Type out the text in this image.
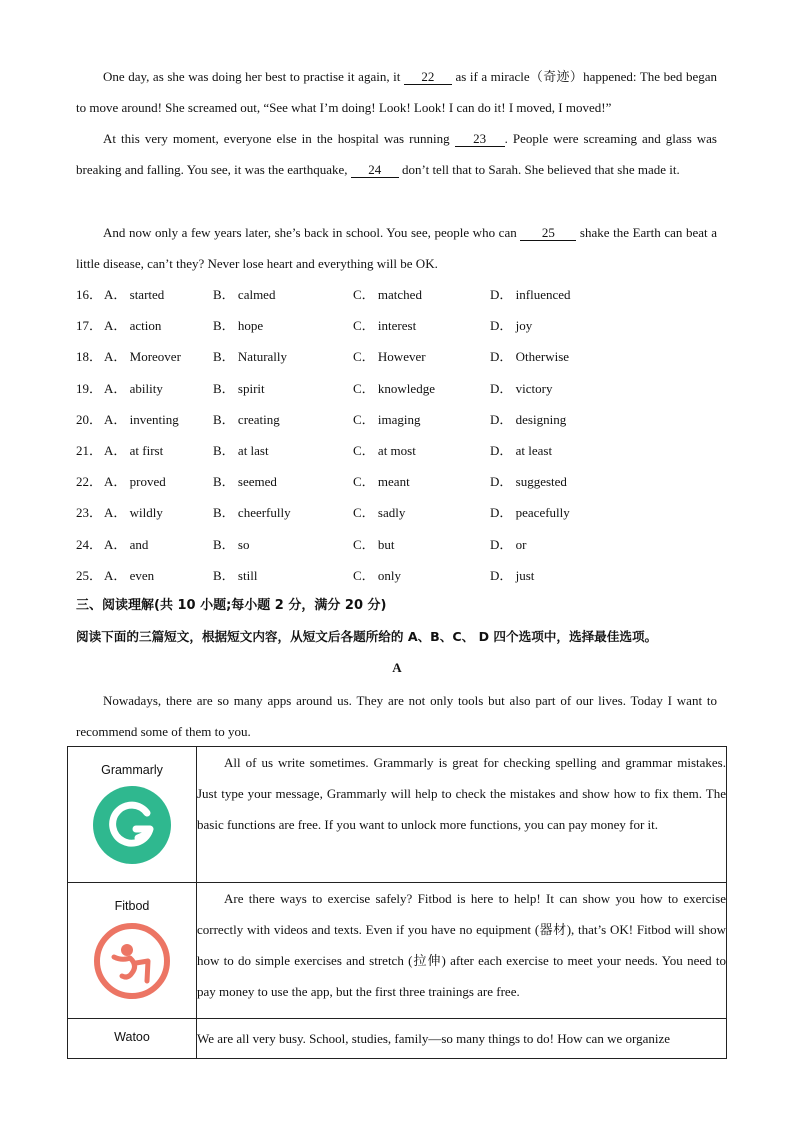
One day, as she was doing her best to practise it again, it 22 as if a miracle（奇迹）happened: The bed began to move around! She screamed out, “See what I’m doing! Look! Look! I can do it! I moved, I moved!”

At this very moment, everyone else in the hospital was running 23 . People were screaming and glass was breaking and falling. You see, it was the earthquake, 24 don’t tell that to Sarah. She believed that she made it.

And now only a few years later, she’s back in school. You see, people who can 25 shake the Earth can beat a little disease, can’t they? Never lose heart and everything will be OK.

16． A． started	B． calmed	C． matched	D． influenced
17． A． action	B． hope	C． interest	D． joy
18． A． Moreover B． Naturally	C． However	D． Otherwise
19． A． ability	B． spirit	C． knowledge	D． victory
20． A． inventing	B． creating	C． imaging	D． designing
21． A． at first	B． at last	C． at most	D． at least
22． A． proved	B． seemed	C． meant	D． suggested
23． A． wildly	B． cheerfully	C． sadly	D． peacefully
24． A． and	B． so	C． but	D． or
25． A． even	B． still	C． only	D． just
三、阅读理解(共 10 小题;每小题 2 分，满分 20 分)
阅读下面的三篇短文，根据短文内容，从短文后各题所给的 A、B、C、 D 四个选项中，选择最佳选项。
A

Nowadays, there are so many apps around us. They are not only tools but also part of our lives. Today I want to recommend some of them to you.

Grammarly	All of us write sometimes. Grammarly is great for checking spelling and grammar mistakes. Just type your message, Grammarly will help to check the mistakes and show how to fix them. The basic functions are free. If you want to unlock more functions, you can pay money for it.

Fitbod	Are there ways to exercise safely? Fitbod is here to help! It can show you how to exercise correctly with videos and texts. Even if you have no equipment (器材), that’s OK! Fitbod will show how to do simple exercises and stretch (拉伸) after each exercise to meet your needs. You need to pay money to use the app, but the first three trainings are free.

Watoo	We are all very busy. School, studies, family—so many things to do! How can we organize
